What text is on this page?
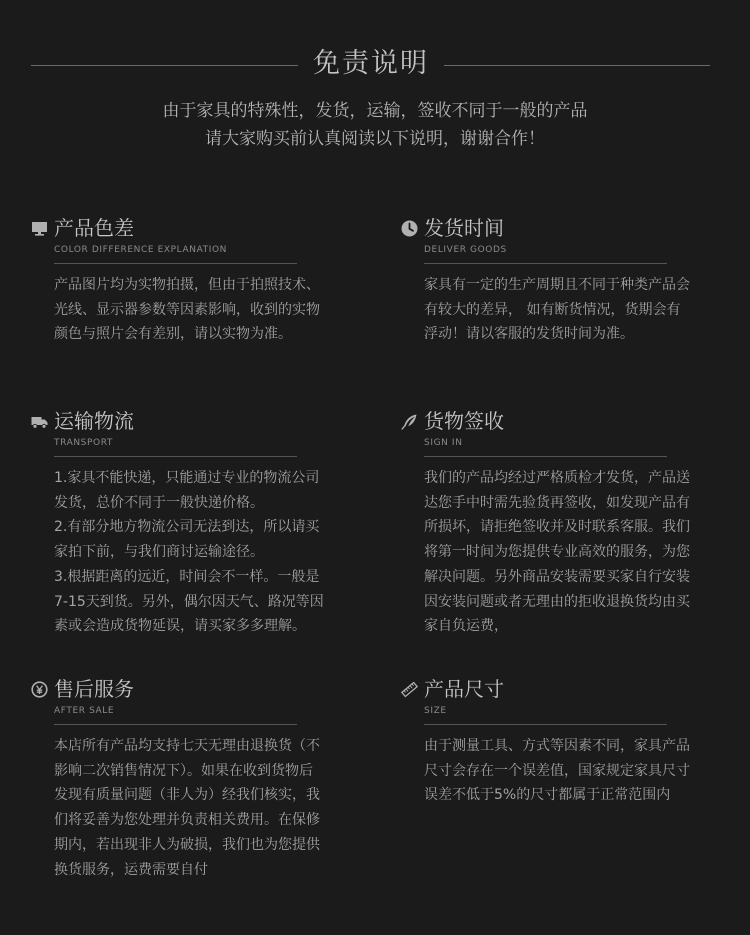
免责说明
由于家具的特殊性，发货，运输，签收不同于一般的产品
请大家购买前认真阅读以下说明，谢谢合作！
产品色差
COLOR DIFFERENCE EXPLANATION
产品图片均为实物拍摄，但由于拍照技术、
光线、显示器参数等因素影响，收到的实物
颜色与照片会有差别，请以实物为准。
发货时间
DELIVER GOODS
家具有一定的生产周期且不同于种类产品会
有较大的差异， 如有断货情况，货期会有
浮动！请以客服的发货时间为准。
运输物流
TRANSPORT
1.家具不能快递，只能通过专业的物流公司
发货，总价不同于一般快递价格。
2.有部分地方物流公司无法到达，所以请买
家拍下前，与我们商讨运输途径。
3.根据距离的远近，时间会不一样。一般是
7-15天到货。另外，偶尔因天气、路况等因
素或会造成货物延误，请买家多多理解。
货物签收
SIGN IN
我们的产品均经过严格质检才发货，产品送
达您手中时需先验货再签收，如发现产品有
所损坏，请拒绝签收并及时联系客服。我们
将第一时间为您提供专业高效的服务，为您
解决问题。另外商品安装需要买家自行安装
因安装问题或者无理由的拒收退换货均由买
家自负运费，
售后服务
AFTER SALE
本店所有产品均支持七天无理由退换货（不
影响二次销售情况下）。如果在收到货物后
发现有质量问题（非人为）经我们核实，我
们将妥善为您处理并负责相关费用。在保修
期内，若出现非人为破损，我们也为您提供
换货服务，运费需要自付
产品尺寸
SIZE
由于测量工具、方式等因素不同，家具产品
尺寸会存在一个误差值，国家规定家具尺寸
误差不低于5%的尺寸都属于正常范围内
